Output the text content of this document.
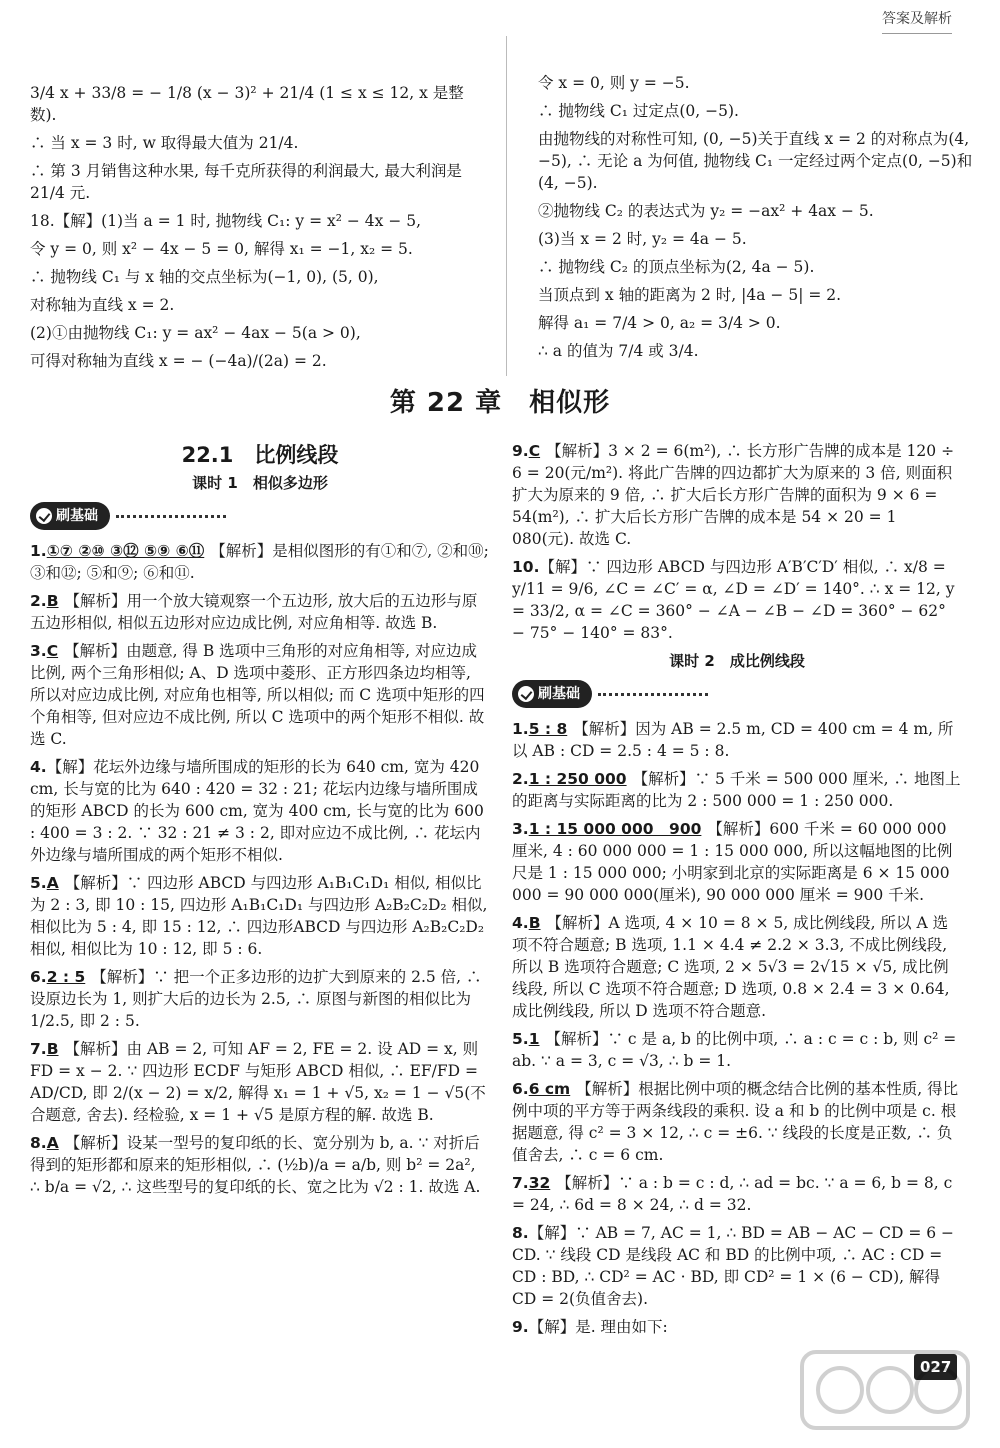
答案及解析

3/4 x + 33/8 = − 1/8 (x − 3)² + 21/4 (1 ≤ x ≤ 12, x 是整数).

∴ 当 x = 3 时, w 取得最大值为 21/4.

∴ 第 3 月销售这种水果, 每千克所获得的利润最大, 最大利润是 21/4 元.

18.【解】(1)当 a = 1 时, 抛物线 C₁: y = x² − 4x − 5,

令 y = 0, 则 x² − 4x − 5 = 0, 解得 x₁ = −1, x₂ = 5.

∴ 抛物线 C₁ 与 x 轴的交点坐标为(−1, 0), (5, 0),

对称轴为直线 x = 2.

(2)①由抛物线 C₁: y = ax² − 4ax − 5(a > 0),

可得对称轴为直线 x = − (−4a)/(2a) = 2.

令 x = 0, 则 y = −5.

∴ 抛物线 C₁ 过定点(0, −5).

由抛物线的对称性可知, (0, −5)关于直线 x = 2 的对称点为(4, −5), ∴ 无论 a 为何值, 抛物线 C₁ 一定经过两个定点(0, −5)和(4, −5).

②抛物线 C₂ 的表达式为 y₂ = −ax² + 4ax − 5.

(3)当 x = 2 时, y₂ = 4a − 5.

∴ 抛物线 C₂ 的顶点坐标为(2, 4a − 5).

当顶点到 x 轴的距离为 2 时, |4a − 5| = 2.

解得 a₁ = 7/4 > 0, a₂ = 3/4 > 0.

∴ a 的值为 7/4 或 3/4.

第 22 章　相似形
22.1　比例线段
课时 1　相似多边形
刷基础

1.①⑦ ②⑩ ③⑫ ⑤⑨ ⑥⑪ 【解析】是相似图形的有①和⑦, ②和⑩; ③和⑫; ⑤和⑨; ⑥和⑪.

2.B 【解析】用一个放大镜观察一个五边形, 放大后的五边形与原五边形相似, 相似五边形对应边成比例, 对应角相等. 故选 B.

3.C 【解析】由题意, 得 B 选项中三角形的对应角相等, 对应边成比例, 两个三角形相似; A、D 选项中菱形、正方形四条边均相等, 所以对应边成比例, 对应角也相等, 所以相似; 而 C 选项中矩形的四个角相等, 但对应边不成比例, 所以 C 选项中的两个矩形不相似. 故选 C.

4.【解】花坛外边缘与墙所围成的矩形的长为 640 cm, 宽为 420 cm, 长与宽的比为 640 : 420 = 32 : 21; 花坛内边缘与墙所围成的矩形 ABCD 的长为 600 cm, 宽为 400 cm, 长与宽的比为 600 : 400 = 3 : 2. ∵ 32 : 21 ≠ 3 : 2, 即对应边不成比例, ∴ 花坛内外边缘与墙所围成的两个矩形不相似.

5.A 【解析】∵ 四边形 ABCD 与四边形 A₁B₁C₁D₁ 相似, 相似比为 2 : 3, 即 10 : 15, 四边形 A₁B₁C₁D₁ 与四边形 A₂B₂C₂D₂ 相似, 相似比为 5 : 4, 即 15 : 12, ∴ 四边形ABCD 与四边形 A₂B₂C₂D₂ 相似, 相似比为 10 : 12, 即 5 : 6.

6.2 : 5 【解析】∵ 把一个正多边形的边扩大到原来的 2.5 倍, ∴ 设原边长为 1, 则扩大后的边长为 2.5, ∴ 原图与新图的相似比为 1/2.5, 即 2 : 5.

7.B 【解析】由 AB = 2, 可知 AF = 2, FE = 2. 设 AD = x, 则 FD = x − 2. ∵ 四边形 ECDF 与矩形 ABCD 相似, ∴ EF/FD = AD/CD, 即 2/(x − 2) = x/2, 解得 x₁ = 1 + √5, x₂ = 1 − √5(不合题意, 舍去). 经检验, x = 1 + √5 是原方程的解. 故选 B.

8.A 【解析】设某一型号的复印纸的长、宽分别为 b, a. ∵ 对折后得到的矩形都和原来的矩形相似, ∴ (½b)/a = a/b, 则 b² = 2a², ∴ b/a = √2, ∴ 这些型号的复印纸的长、宽之比为 √2 : 1. 故选 A.

9.C 【解析】3 × 2 = 6(m²), ∴ 长方形广告牌的成本是 120 ÷ 6 = 20(元/m²). 将此广告牌的四边都扩大为原来的 3 倍, 则面积扩大为原来的 9 倍, ∴ 扩大后长方形广告牌的面积为 9 × 6 = 54(m²), ∴ 扩大后长方形广告牌的成本是 54 × 20 = 1 080(元). 故选 C.

10.【解】∵ 四边形 ABCD 与四边形 A′B′C′D′ 相似, ∴ x/8 = y/11 = 9/6, ∠C = ∠C′ = α, ∠D = ∠D′ = 140°. ∴ x = 12, y = 33/2, α = ∠C = 360° − ∠A − ∠B − ∠D = 360° − 62° − 75° − 140° = 83°.

课时 2　成比例线段
刷基础

1.5 : 8 【解析】因为 AB = 2.5 m, CD = 400 cm = 4 m, 所以 AB : CD = 2.5 : 4 = 5 : 8.

2.1 : 250 000 【解析】∵ 5 千米 = 500 000 厘米, ∴ 地图上的距离与实际距离的比为 2 : 500 000 = 1 : 250 000.

3.1 : 15 000 000　900 【解析】600 千米 = 60 000 000 厘米, 4 : 60 000 000 = 1 : 15 000 000, 所以这幅地图的比例尺是 1 : 15 000 000; 小明家到北京的实际距离是 6 × 15 000 000 = 90 000 000(厘米), 90 000 000 厘米 = 900 千米.

4.B 【解析】A 选项, 4 × 10 = 8 × 5, 成比例线段, 所以 A 选项不符合题意; B 选项, 1.1 × 4.4 ≠ 2.2 × 3.3, 不成比例线段, 所以 B 选项符合题意; C 选项, 2 × 5√3 = 2√15 × √5, 成比例线段, 所以 C 选项不符合题意; D 选项, 0.8 × 2.4 = 3 × 0.64, 成比例线段, 所以 D 选项不符合题意.

5.1 【解析】∵ c 是 a, b 的比例中项, ∴ a : c = c : b, 则 c² = ab. ∵ a = 3, c = √3, ∴ b = 1.

6.6 cm 【解析】根据比例中项的概念结合比例的基本性质, 得比例中项的平方等于两条线段的乘积. 设 a 和 b 的比例中项是 c. 根据题意, 得 c² = 3 × 12, ∴ c = ±6. ∵ 线段的长度是正数, ∴ 负值舍去, ∴ c = 6 cm.

7.32 【解析】∵ a : b = c : d, ∴ ad = bc. ∵ a = 6, b = 8, c = 24, ∴ 6d = 8 × 24, ∴ d = 32.

8.【解】∵ AB = 7, AC = 1, ∴ BD = AB − AC − CD = 6 − CD. ∵ 线段 CD 是线段 AC 和 BD 的比例中项, ∴ AC : CD = CD : BD, ∴ CD² = AC · BD, 即 CD² = 1 × (6 − CD), 解得 CD = 2(负值舍去).

9.【解】是. 理由如下:

027
